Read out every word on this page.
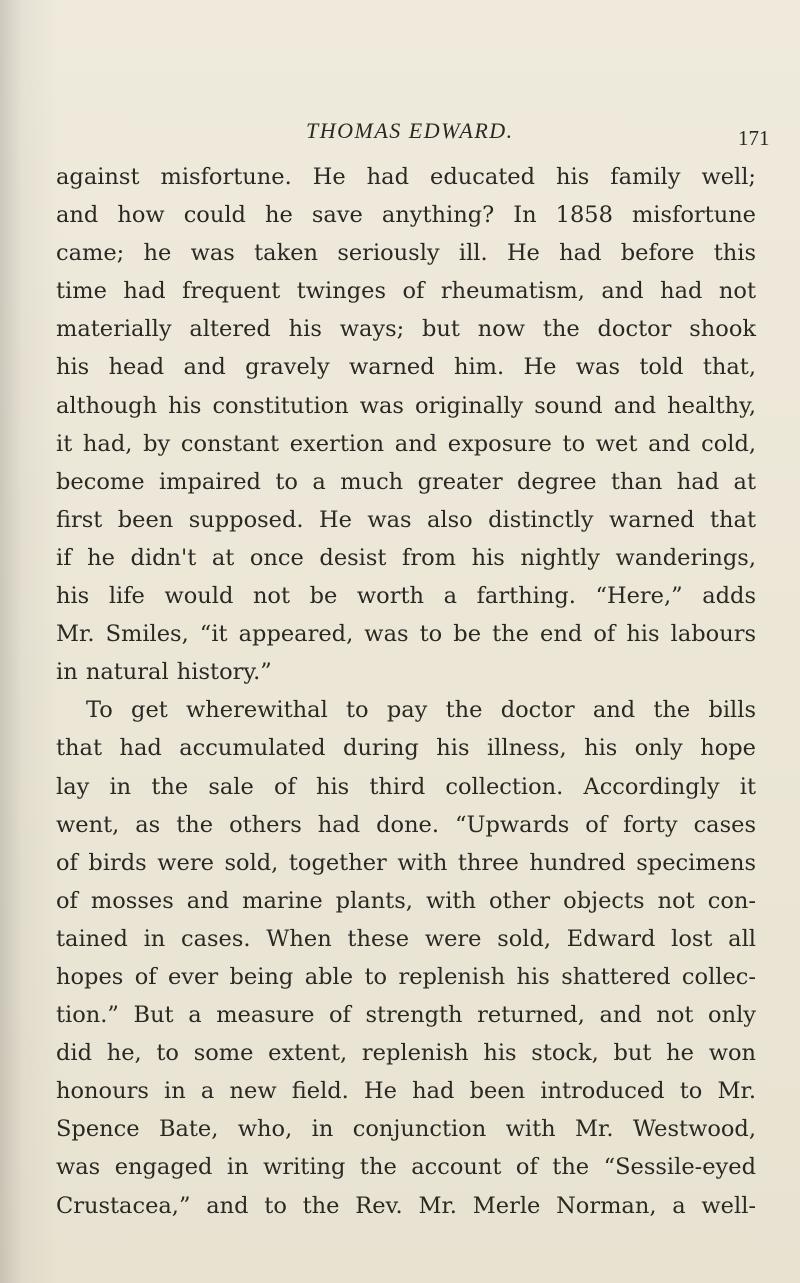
THOMAS EDWARD.	171
against misfortune. He had educated his family well;
and how could he save anything? In 1858 misfortune
came; he was taken seriously ill. He had before this
time had frequent twinges of rheumatism, and had not
materially altered his ways; but now the doctor shook
his head and gravely warned him. He was told that,
although his constitution was originally sound and healthy,
it had, by constant exertion and exposure to wet and cold,
become impaired to a much greater degree than had at
first been supposed. He was also distinctly warned that
if he didn't at once desist from his nightly wanderings,
his life would not be worth a farthing. “Here,” adds
Mr. Smiles, “it appeared, was to be the end of his labours
in natural history.”
To get wherewithal to pay the doctor and the bills
that had accumulated during his illness, his only hope
lay in the sale of his third collection. Accordingly it
went, as the others had done. “Upwards of forty cases
of birds were sold, together with three hundred specimens
of mosses and marine plants, with other objects not con-
tained in cases. When these were sold, Edward lost all
hopes of ever being able to replenish his shattered collec-
tion.” But a measure of strength returned, and not only
did he, to some extent, replenish his stock, but he won
honours in a new field. He had been introduced to Mr.
Spence Bate, who, in conjunction with Mr. Westwood,
was engaged in writing the account of the “Sessile-eyed
Crustacea,” and to the Rev. Mr. Merle Norman, a well-
